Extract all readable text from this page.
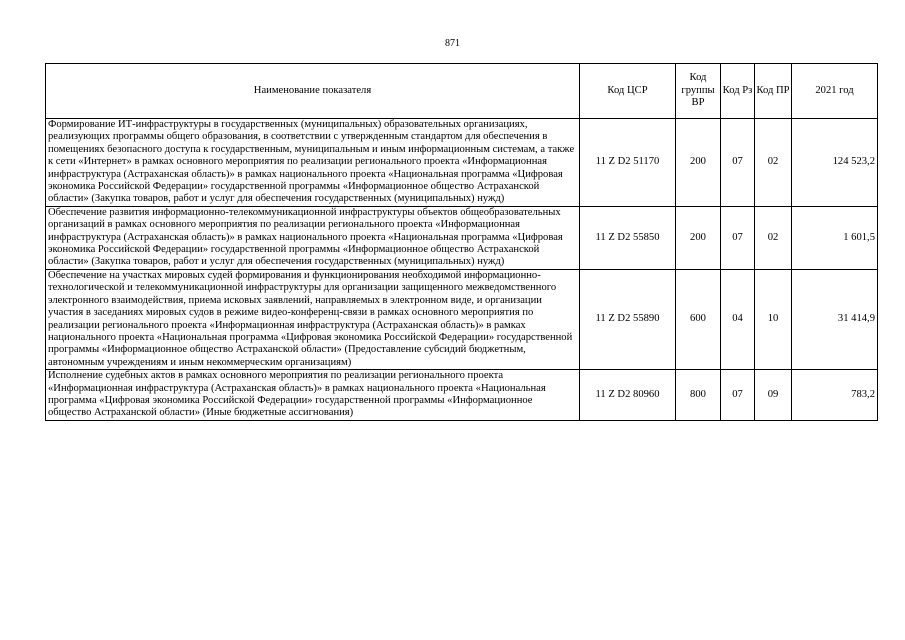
871
Наименование показателя	Код ЦСР	Код группы ВР	Код Рз	Код ПР	2021 год
Формирование ИТ-инфраструктуры в государственных (муниципальных) образовательных организациях, реализующих программы общего образования, в соответствии с утвержденным стандартом для обеспечения в помещениях безопасного доступа к государственным, муниципальным и иным информационным системам, а также к сети «Интернет» в рамках основного мероприятия по реализации регионального проекта «Информационная инфраструктура (Астраханская область)» в рамках национального проекта «Национальная программа «Цифровая экономика Российской Федерации» государственной программы «Информационное общество Астраханской области» (Закупка товаров, работ и услуг для обеспечения государственных (муниципальных) нужд)	11 Z D2 51170	200	07	02	124 523,2
Обеспечение развития информационно-телекоммуникационной инфраструктуры объектов общеобразовательных организаций в рамках основного мероприятия по реализации регионального проекта «Информационная инфраструктура (Астраханская область)» в рамках национального проекта «Национальная программа «Цифровая экономика Российской Федерации» государственной программы «Информационное общество Астраханской области» (Закупка товаров, работ и услуг для обеспечения государственных (муниципальных) нужд)	11 Z D2 55850	200	07	02	1 601,5
Обеспечение на участках мировых судей формирования и функционирования необходимой информационно-технологической и телекоммуникационной инфраструктуры для организации защищенного межведомственного электронного взаимодействия, приема исковых заявлений, направляемых в электронном виде, и организации участия в заседаниях мировых судов в режиме видео-конференц-связи в рамках основного мероприятия по реализации регионального проекта «Информационная инфраструктура (Астраханская область)» в рамках национального проекта «Национальная программа «Цифровая экономика Российской Федерации» государственной программы «Информационное общество Астраханской области» (Предоставление субсидий бюджетным, автономным учреждениям и иным некоммерческим организациям)	11 Z D2 55890	600	04	10	31 414,9
Исполнение судебных актов в рамках основного мероприятия по реализации регионального проекта «Информационная инфраструктура (Астраханская область)» в рамках национального проекта «Национальная программа «Цифровая экономика Российской Федерации» государственной программы «Информационное общество Астраханской области» (Иные бюджетные ассигнования)	11 Z D2 80960	800	07	09	783,2
